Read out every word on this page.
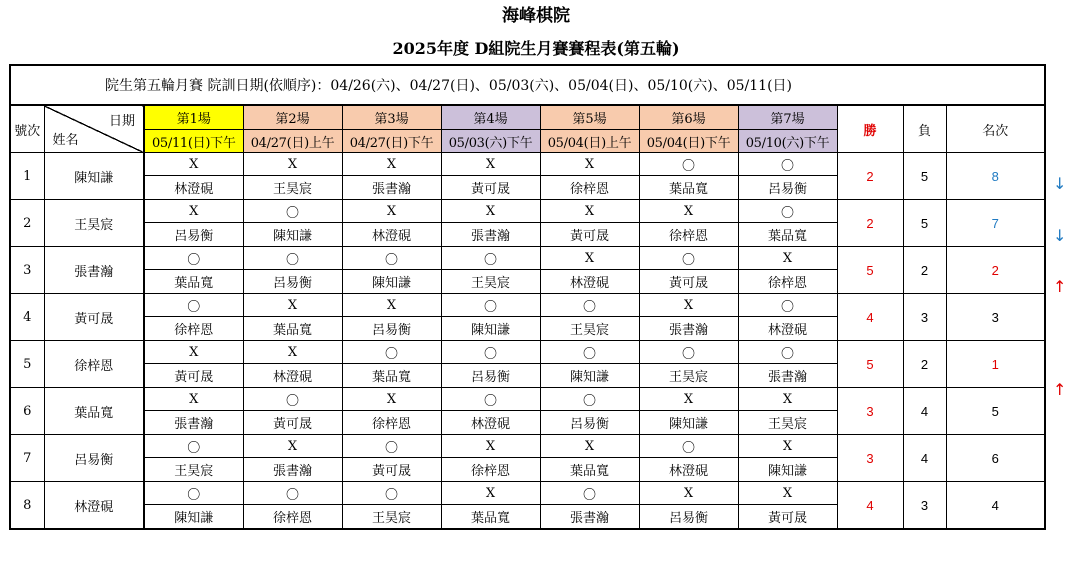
海峰棋院
2025年度 D組院生月賽賽程表(第五輪)
院生第五輪月賽 院訓日期(依順序)：04/26(六)、04/27(日)、05/03(六)、05/04(日)、05/10(六)、05/11(日)											
號次	日期
姓名	第1場	第2場	第3場	第4場	第5場	第6場	第7場	勝	負	名次
		05/11(日)下午	04/27(日)上午	04/27(日)下午	05/03(六)下午	05/04(日)上午	05/04(日)下午	05/10(六)下午			
1	陳知謙	X	X	X	X	X	〇	〇	2	5	8
		林澄硯	王昊宸	張書瀚	黃可晟	徐梓恩	葉品寬	呂易衡			
2	王昊宸	X	〇	X	X	X	X	〇	2	5	7
		呂易衡	陳知謙	林澄硯	張書瀚	黃可晟	徐梓恩	葉品寬			
3	張書瀚	〇	〇	〇	〇	X	〇	X	5	2	2
		葉品寬	呂易衡	陳知謙	王昊宸	林澄硯	黃可晟	徐梓恩			
4	黃可晟	〇	X	X	〇	〇	X	〇	4	3	3
		徐梓恩	葉品寬	呂易衡	陳知謙	王昊宸	張書瀚	林澄硯			
5	徐梓恩	X	X	〇	〇	〇	〇	〇	5	2	1
		黃可晟	林澄硯	葉品寬	呂易衡	陳知謙	王昊宸	張書瀚			
6	葉品寬	X	〇	X	〇	〇	X	X	3	4	5
		張書瀚	黃可晟	徐梓恩	林澄硯	呂易衡	陳知謙	王昊宸			
7	呂易衡	〇	X	〇	X	X	〇	X	3	4	6
		王昊宸	張書瀚	黃可晟	徐梓恩	葉品寬	林澄硯	陳知謙			
8	林澄硯	〇	〇	〇	X	〇	X	X	4	3	4
		陳知謙	徐梓恩	王昊宸	葉品寬	張書瀚	呂易衡	黃可晟			
↓
↓
↑
↑
